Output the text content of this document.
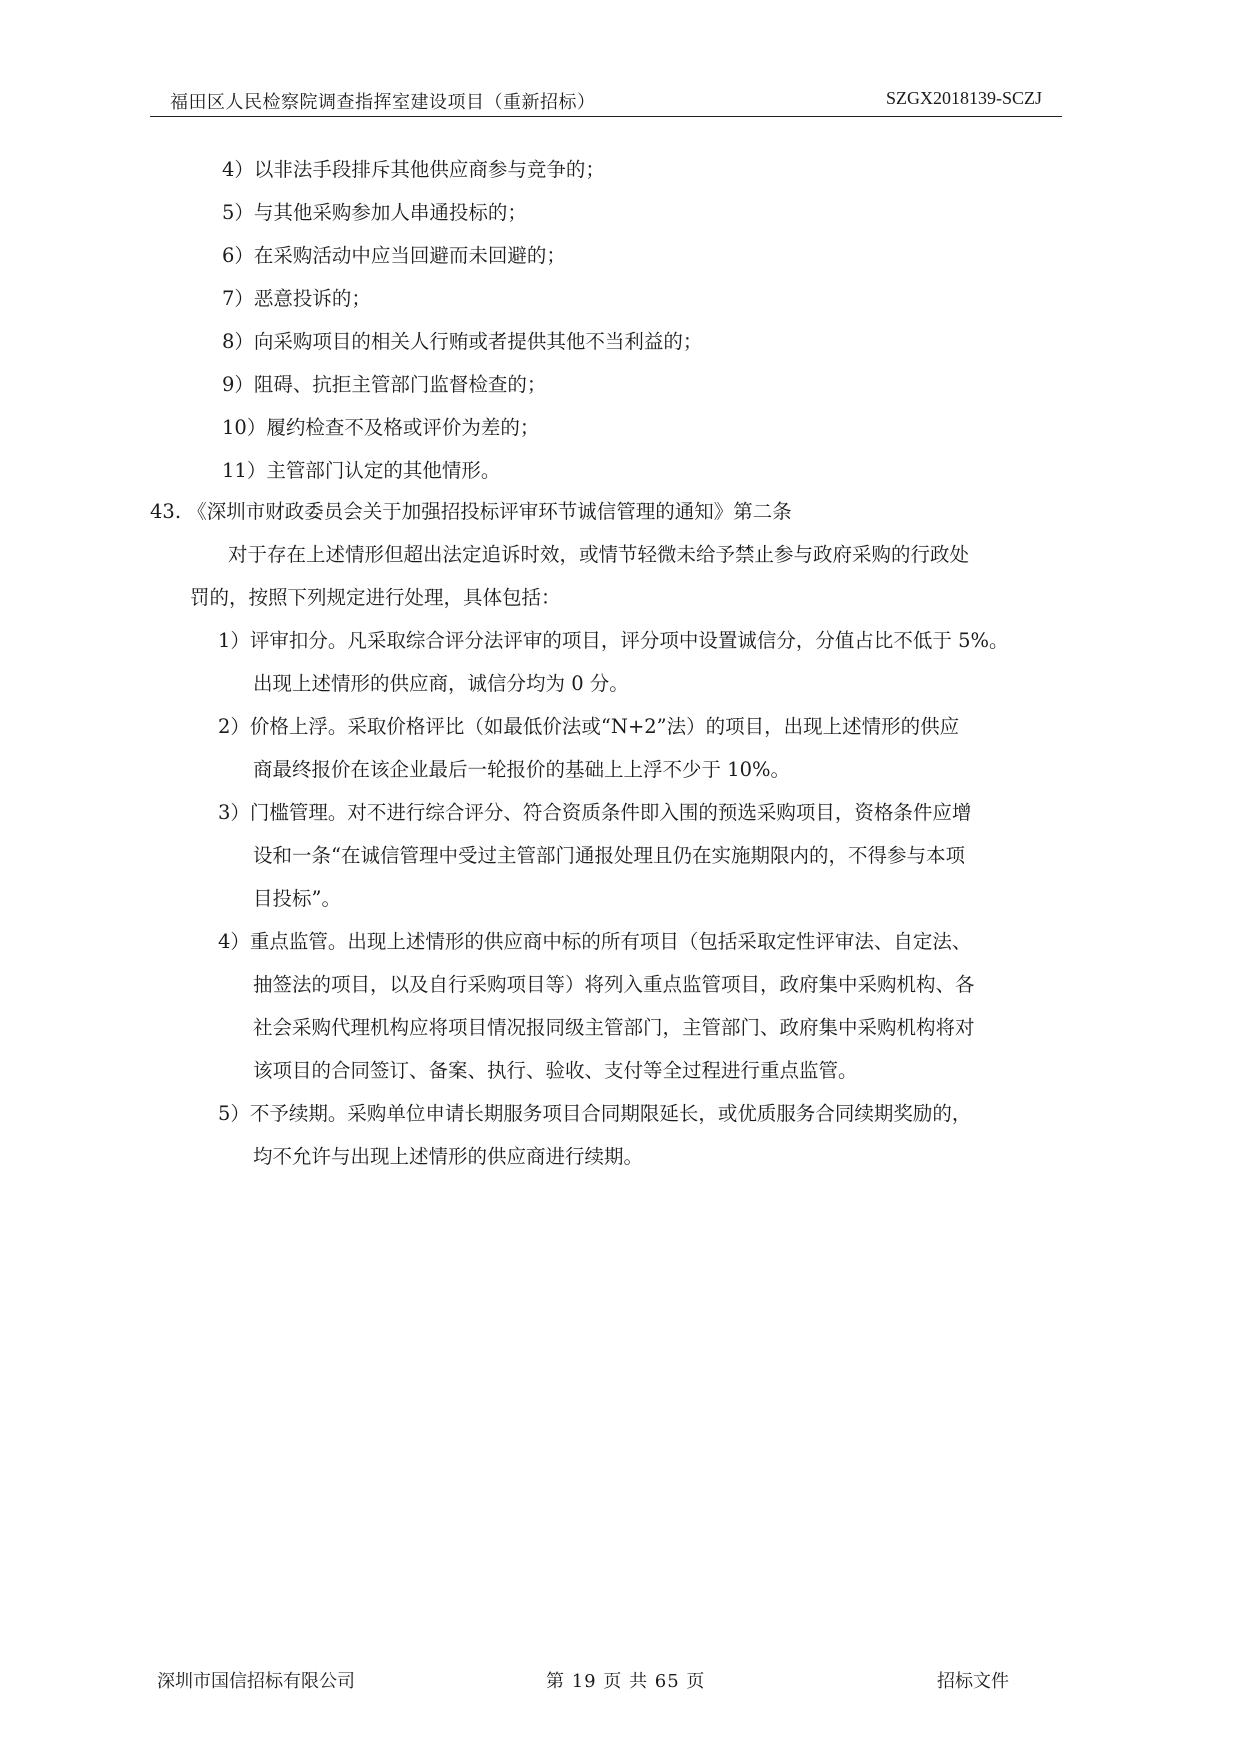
福田区人民检察院调查指挥室建设项目（重新招标）	SZGX2018139-SCZJ
4）以非法手段排斥其他供应商参与竞争的；
5）与其他采购参加人串通投标的；
6）在采购活动中应当回避而未回避的；
7）恶意投诉的；
8）向采购项目的相关人行贿或者提供其他不当利益的；
9）阻碍、抗拒主管部门监督检查的；
10）履约检查不及格或评价为差的；
11）主管部门认定的其他情形。
43. 《深圳市财政委员会关于加强招投标评审环节诚信管理的通知》第二条
对于存在上述情形但超出法定追诉时效，或情节轻微未给予禁止参与政府采购的行政处
罚的，按照下列规定进行处理，具体包括：
1）评审扣分。凡采取综合评分法评审的项目，评分项中设置诚信分，分值占比不低于 5%。
出现上述情形的供应商，诚信分均为 0 分。
2）价格上浮。采取价格评比（如最低价法或“N+2”法）的项目，出现上述情形的供应
商最终报价在该企业最后一轮报价的基础上上浮不少于 10%。
3）门槛管理。对不进行综合评分、符合资质条件即入围的预选采购项目，资格条件应增
设和一条“在诚信管理中受过主管部门通报处理且仍在实施期限内的，不得参与本项
目投标”。
4）重点监管。出现上述情形的供应商中标的所有项目（包括采取定性评审法、自定法、
抽签法的项目，以及自行采购项目等）将列入重点监管项目，政府集中采购机构、各
社会采购代理机构应将项目情况报同级主管部门，主管部门、政府集中采购机构将对
该项目的合同签订、备案、执行、验收、支付等全过程进行重点监管。
5）不予续期。采购单位申请长期服务项目合同期限延长，或优质服务合同续期奖励的，
均不允许与出现上述情形的供应商进行续期。
深圳市国信招标有限公司	第 19 页 共 65 页	招标文件
